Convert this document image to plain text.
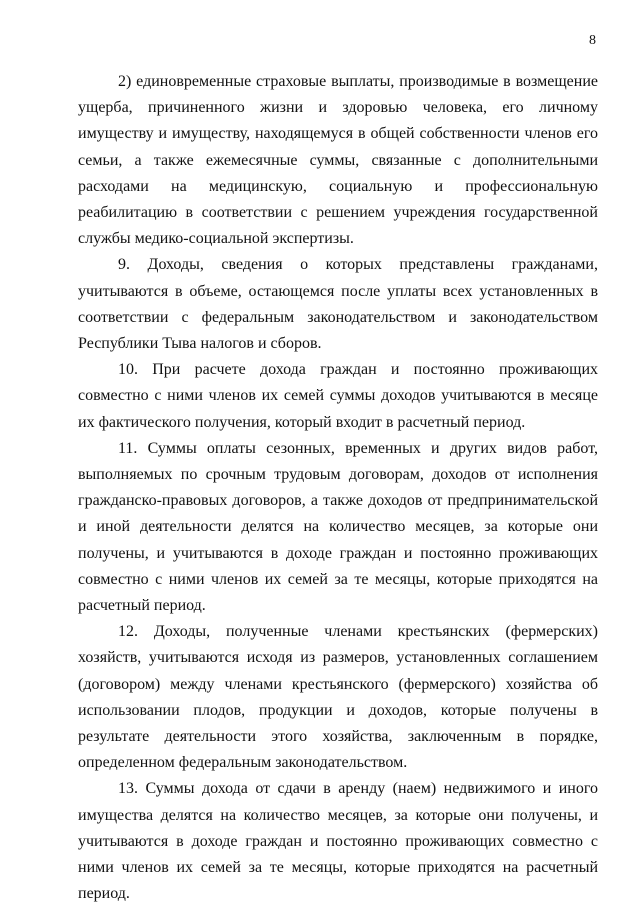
8

2) единовременные страховые выплаты, производимые в возмещение ущерба, причиненного жизни и здоровью человека, его личному имуществу и имуществу, находящемуся в общей собственности членов его семьи, а также ежемесячные суммы, связанные с дополнительными расходами на медицинскую, социальную и профессиональную реабилитацию в соответствии с решением учреждения государственной службы медико-социальной экспертизы.

9. Доходы, сведения о которых представлены гражданами, учитываются в объеме, остающемся после уплаты всех установленных в соответствии с федеральным законодательством и законодательством Республики Тыва налогов и сборов.

10. При расчете дохода граждан и постоянно проживающих совместно с ними членов их семей суммы доходов учитываются в месяце их фактического получения, который входит в расчетный период.

11. Суммы оплаты сезонных, временных и других видов работ, выполняемых по срочным трудовым договорам, доходов от исполнения гражданско-правовых договоров, а также доходов от предпринимательской и иной деятельности делятся на количество месяцев, за которые они получены, и учитываются в доходе граждан и постоянно проживающих совместно с ними членов их семей за те месяцы, которые приходятся на расчетный период.

12. Доходы, полученные членами крестьянских (фермерских) хозяйств, учитываются исходя из размеров, установленных соглашением (договором) между членами крестьянского (фермерского) хозяйства об использовании плодов, продукции и доходов, которые получены в результате деятельности этого хозяйства, заключенным в порядке, определенном федеральным законодательством.

13. Суммы дохода от сдачи в аренду (наем) недвижимого и иного имущества делятся на количество месяцев, за которые они получены, и учитываются в доходе граждан и постоянно проживающих совместно с ними членов их семей за те месяцы, которые приходятся на расчетный период.
